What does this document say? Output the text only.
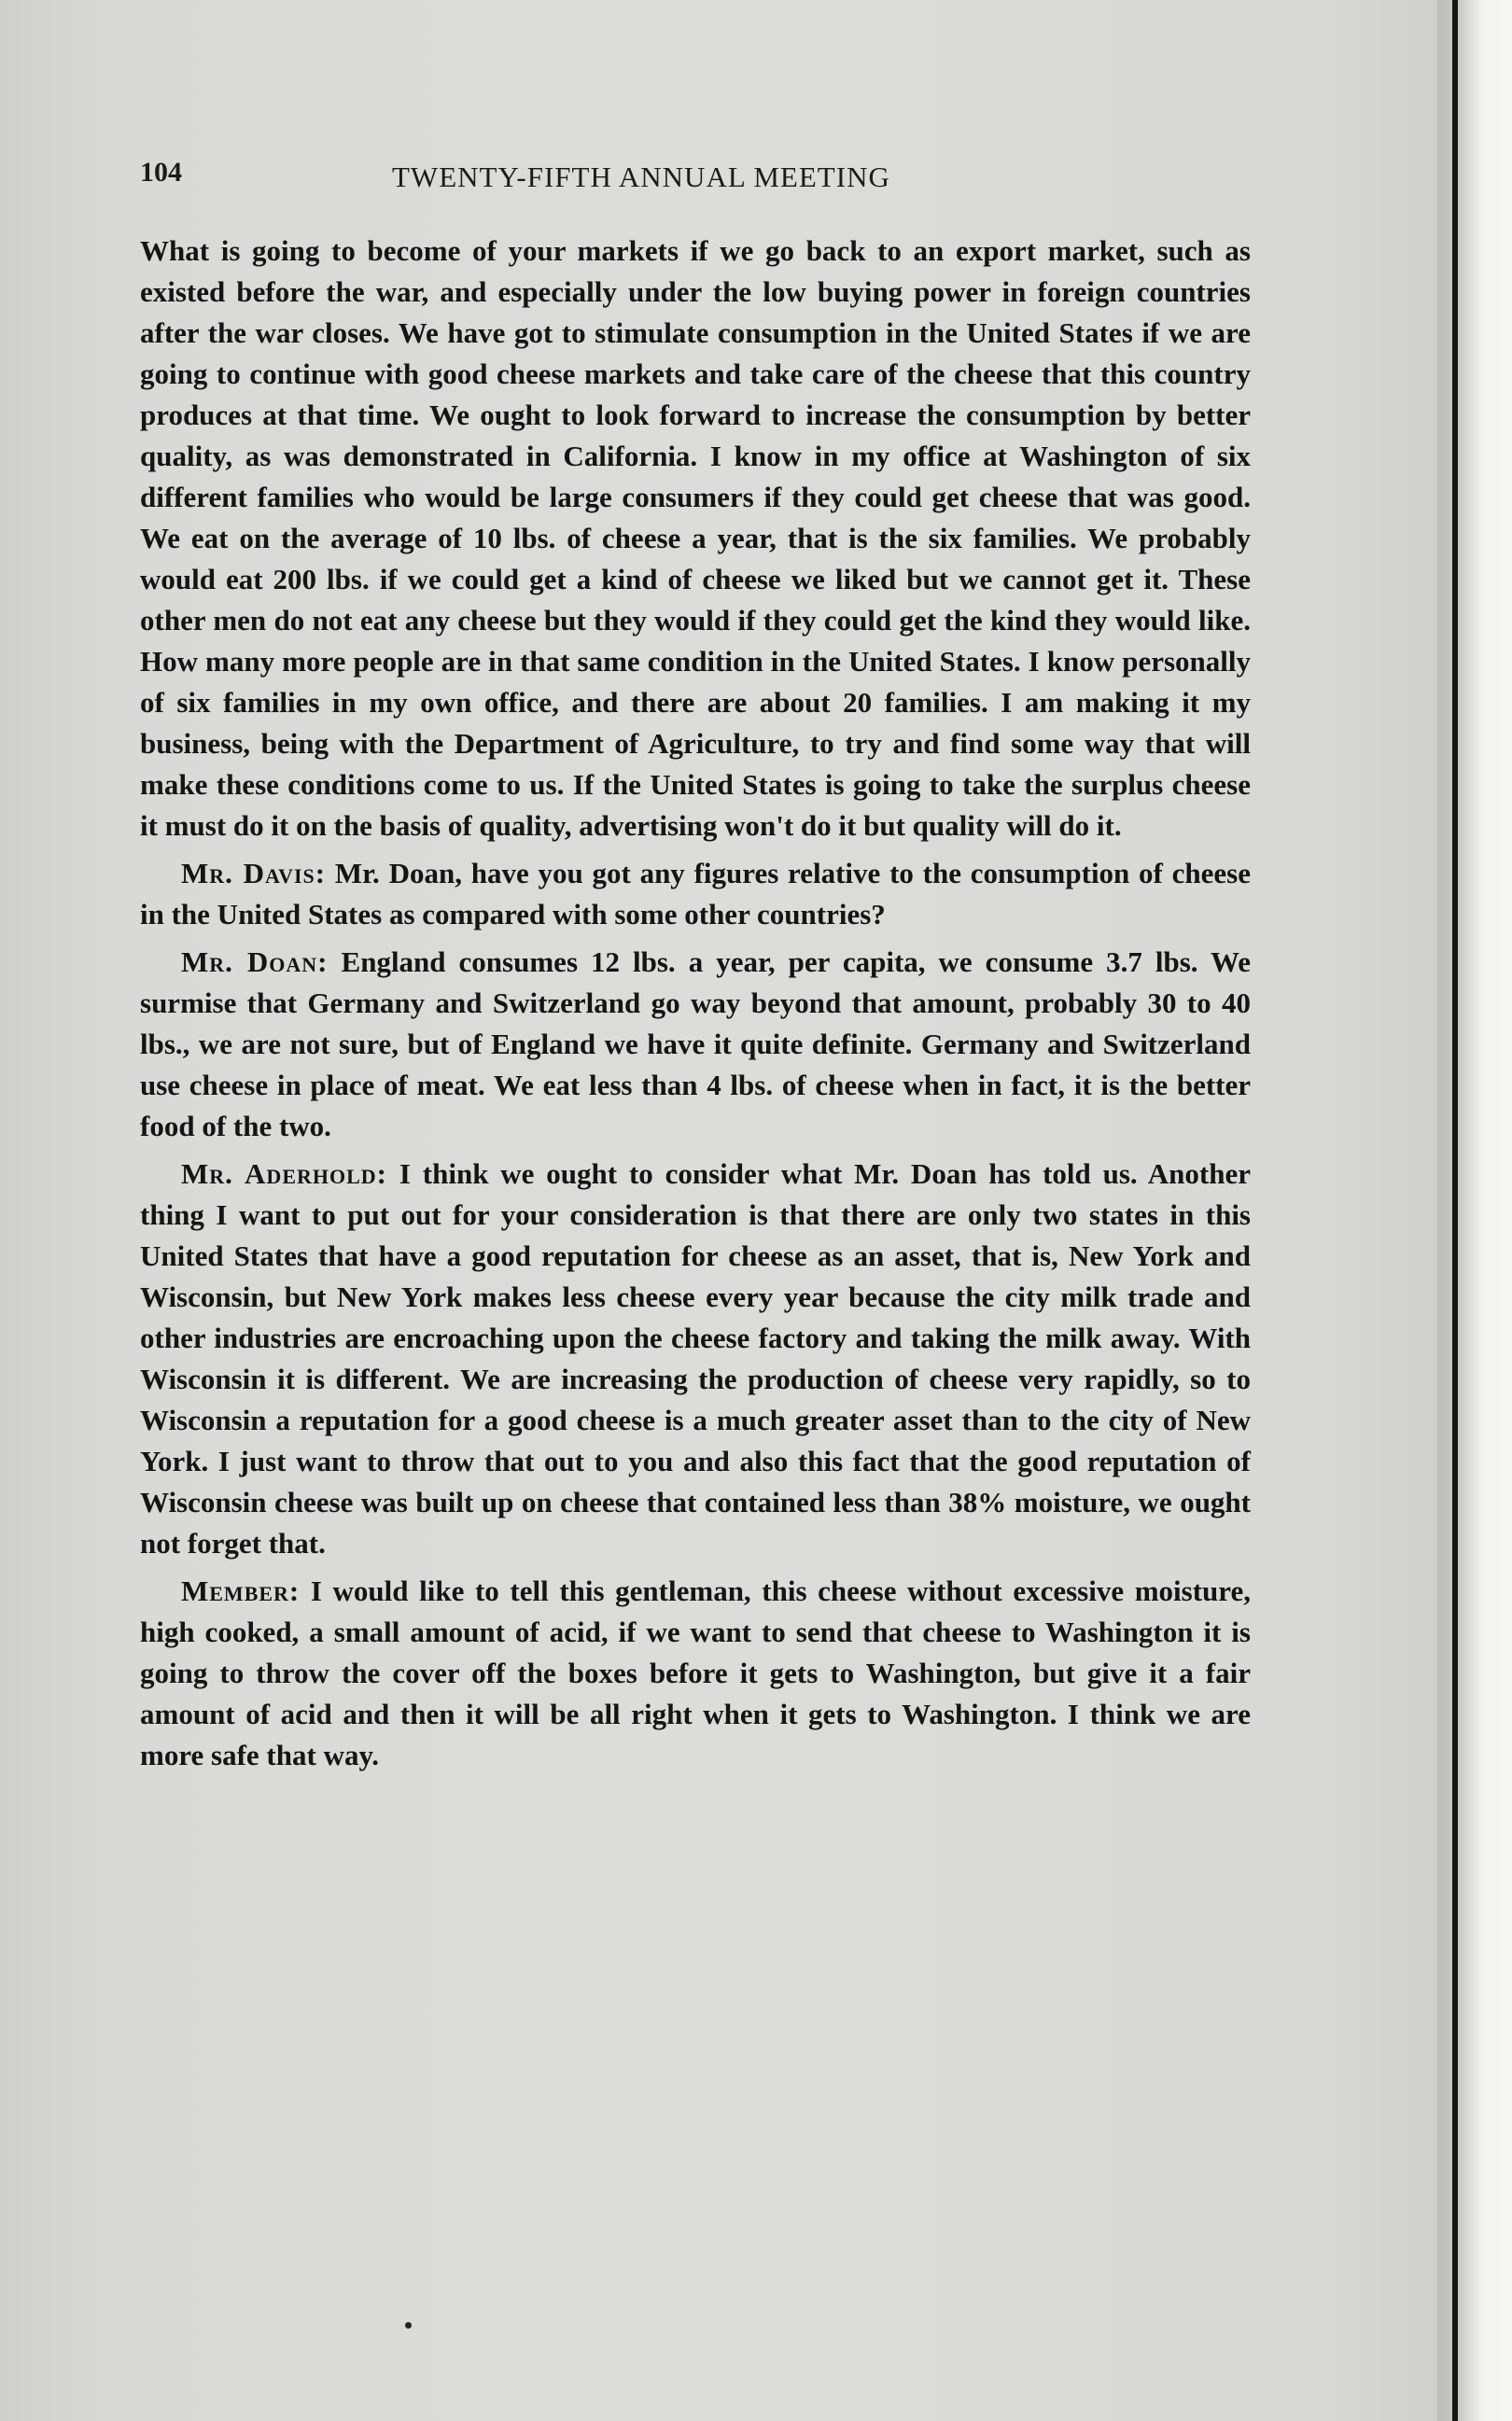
104	TWENTY-FIFTH ANNUAL MEETING

What is going to become of your markets if we go back to an export market, such as existed before the war, and especially under the low buying power in foreign countries after the war closes. We have got to stimulate consumption in the United States if we are going to continue with good cheese markets and take care of the cheese that this country produces at that time. We ought to look forward to increase the consumption by better quality, as was demonstrated in California. I know in my office at Washington of six different families who would be large consumers if they could get cheese that was good. We eat on the average of 10 lbs. of cheese a year, that is the six families. We probably would eat 200 lbs. if we could get a kind of cheese we liked but we cannot get it. These other men do not eat any cheese but they would if they could get the kind they would like. How many more people are in that same condition in the United States. I know personally of six families in my own office, and there are about 20 families. I am making it my business, being with the Department of Agriculture, to try and find some way that will make these conditions come to us. If the United States is going to take the surplus cheese it must do it on the basis of quality, advertising won't do it but quality will do it.

Mr. Davis: Mr. Doan, have you got any figures relative to the consumption of cheese in the United States as compared with some other countries?

Mr. Doan: England consumes 12 lbs. a year, per capita, we consume 3.7 lbs. We surmise that Germany and Switzerland go way beyond that amount, probably 30 to 40 lbs., we are not sure, but of England we have it quite definite. Germany and Switzerland use cheese in place of meat. We eat less than 4 lbs. of cheese when in fact, it is the better food of the two.

Mr. Aderhold: I think we ought to consider what Mr. Doan has told us. Another thing I want to put out for your consideration is that there are only two states in this United States that have a good reputation for cheese as an asset, that is, New York and Wisconsin, but New York makes less cheese every year because the city milk trade and other industries are encroaching upon the cheese factory and taking the milk away. With Wisconsin it is different. We are increasing the production of cheese very rapidly, so to Wisconsin a reputation for a good cheese is a much greater asset than to the city of New York. I just want to throw that out to you and also this fact that the good reputation of Wisconsin cheese was built up on cheese that contained less than 38% moisture, we ought not forget that.

Member: I would like to tell this gentleman, this cheese without excessive moisture, high cooked, a small amount of acid, if we want to send that cheese to Washington it is going to throw the cover off the boxes before it gets to Washington, but give it a fair amount of acid and then it will be all right when it gets to Washington. I think we are more safe that way.
